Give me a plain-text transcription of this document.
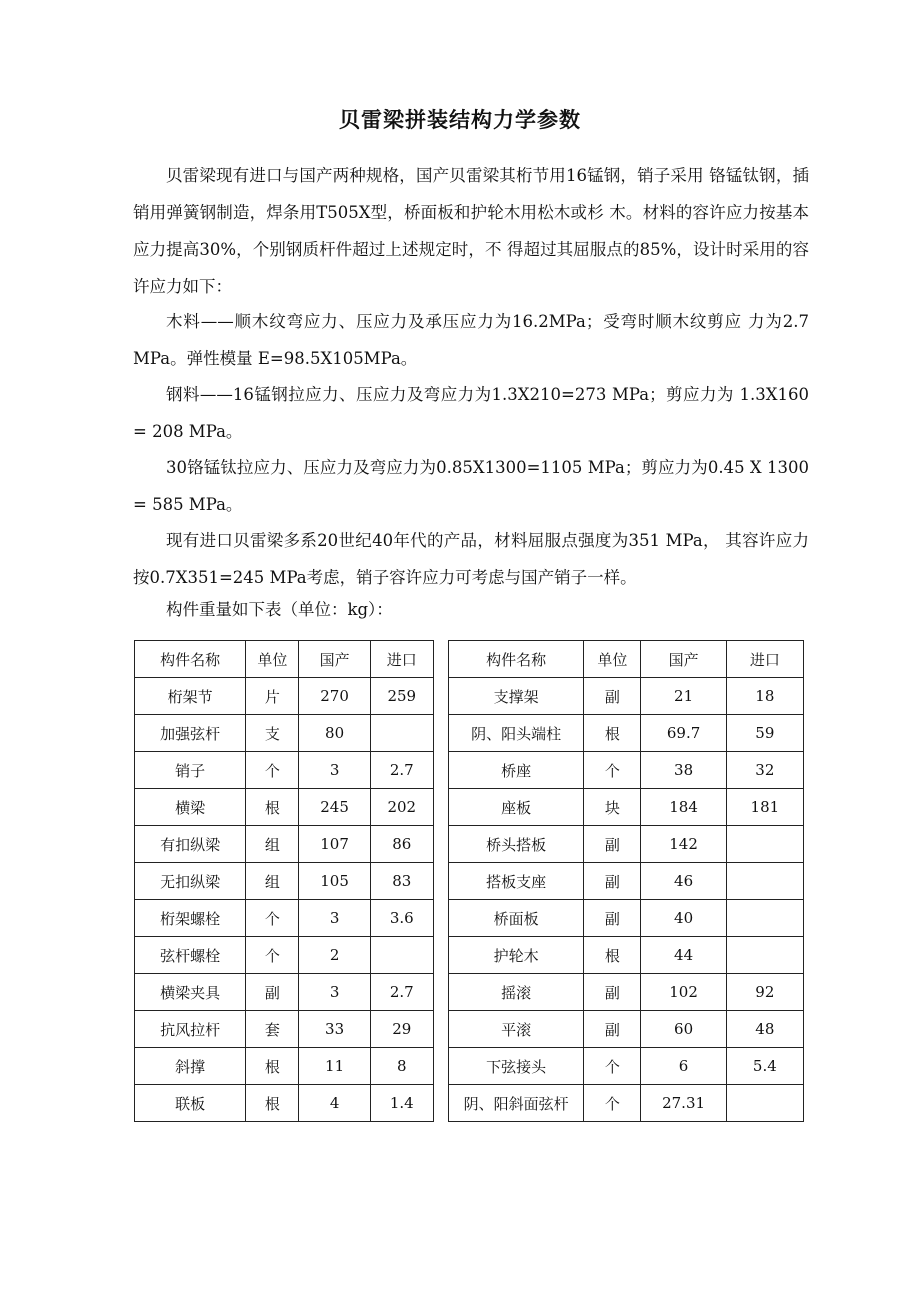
贝雷梁拼装结构力学参数

贝雷梁现有进口与国产两种规格，国产贝雷梁其桁节用16锰钢，销子采用 铬锰钛钢，插销用弹簧钢制造，焊条用T505X型，桥面板和护轮木用松木或杉 木。材料的容许应力按基本应力提高30%，个别钢质杆件超过上述规定时，不 得超过其屈服点的85%，设计时采用的容许应力如下：

木料——顺木纹弯应力、压应力及承压应力为16.2MPa；受弯时顺木纹剪应 力为2.7 MPa。弹性模量 E=98.5X105MPa。

钢料——16锰钢拉应力、压应力及弯应力为1.3X210=273 MPa；剪应力为 1.3X160 = 208 MPa。

30铬锰钛拉应力、压应力及弯应力为0.85X1300=1105 MPa；剪应力为0.45 X 1300 = 585 MPa。

现有进口贝雷梁多系20世纪40年代的产品，材料屈服点强度为351 MPa， 其容许应力按0.7X351=245 MPa考虑，销子容许应力可考虑与国产销子一样。

构件重量如下表（单位：kg）：

构件名称	单位	国产	进口		构件名称	单位	国产	进口
桁架节	片	270	259		支撑架	副	21	18
加强弦杆	支	80			阴、阳头端柱	根	69.7	59
销子	个	3	2.7		桥座	个	38	32
横梁	根	245	202		座板	块	184	181
有扣纵梁	组	107	86		桥头搭板	副	142	
无扣纵梁	组	105	83		搭板支座	副	46	
桁架螺栓	个	3	3.6		桥面板	副	40	
弦杆螺栓	个	2			护轮木	根	44	
横梁夹具	副	3	2.7		摇滚	副	102	92
抗风拉杆	套	33	29		平滚	副	60	48
斜撑	根	11	8		下弦接头	个	6	5.4
联板	根	4	1.4		阴、阳斜面弦杆	个	27.31	
